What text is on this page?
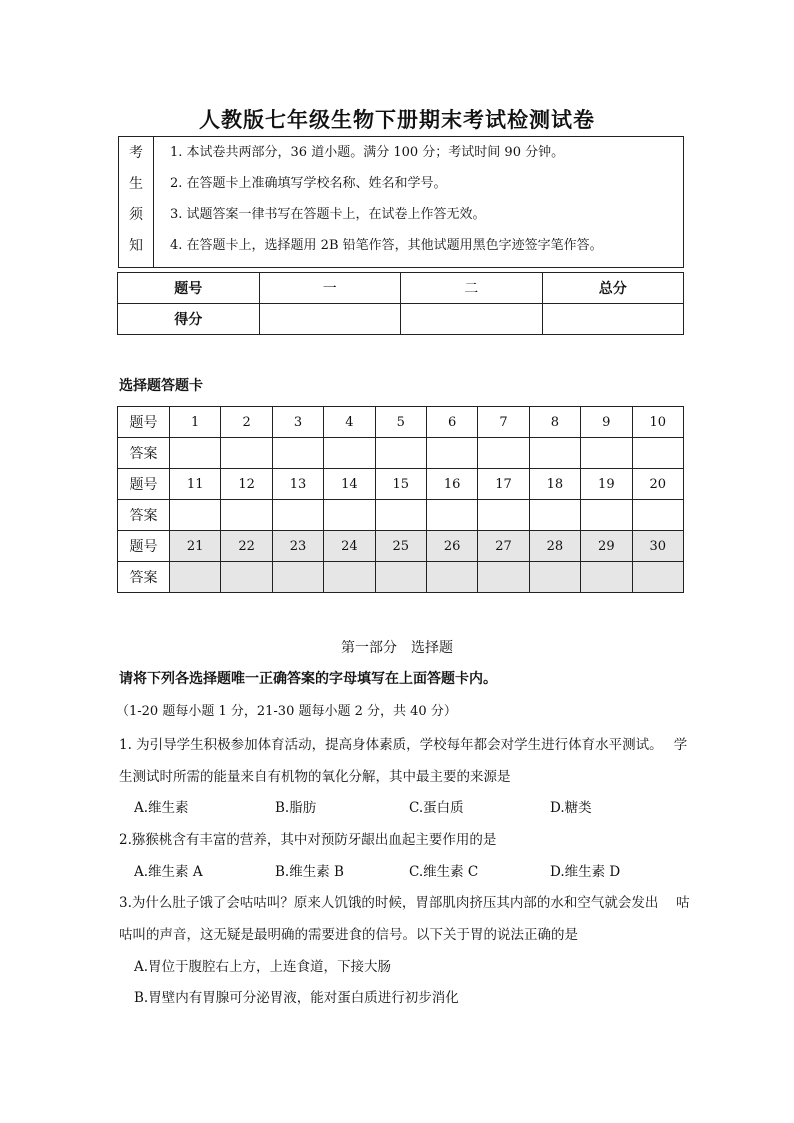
人教版七年级生物下册期末考试检测试卷
考
生
须
知

1. 本试卷共两部分，36 道小题。满分 100 分；考试时间 90 分钟。
2. 在答题卡上准确填写学校名称、姓名和学号。
3. 试题答案一律书写在答题卡上，在试卷上作答无效。
4. 在答题卡上，选择题用 2B 铅笔作答，其他试题用黑色字迹签字笔作答。
题号	一	二	总分
得分			
选择题答题卡
题号	1	2	3	4	5	6	7	8	9	10
答案										
题号	11	12	13	14	15	16	17	18	19	20
答案										
题号	21	22	23	24	25	26	27	28	29	30
答案										
第一部分　选择题
请将下列各选择题唯一正确答案的字母填写在上面答题卡内。
（1-20 题每小题 1 分，21-30 题每小题 2 分，共 40 分）
1. 为引导学生积极参加体育活动，提高身体素质，学校每年都会对学生进行体育水平测试。　 学
生测试时所需的能量来自有机物的氧化分解，其中最主要的来源是
A.维生素	B.脂肪	C.蛋白质	D.糖类
2.猕猴桃含有丰富的营养，其中对预防牙龈出血起主要作用的是
A.维生素 A	B.维生素 B	C.维生素 C	D.维生素 D
3.为什么肚子饿了会咕咕叫？原来人饥饿的时候，胃部肌肉挤压其内部的水和空气就会发出　 咕
咕叫的声音，这无疑是最明确的需要进食的信号。以下关于胃的说法正确的是
A.胃位于腹腔右上方，上连食道，下接大肠
B.胃壁内有胃腺可分泌胃液，能对蛋白质进行初步消化
